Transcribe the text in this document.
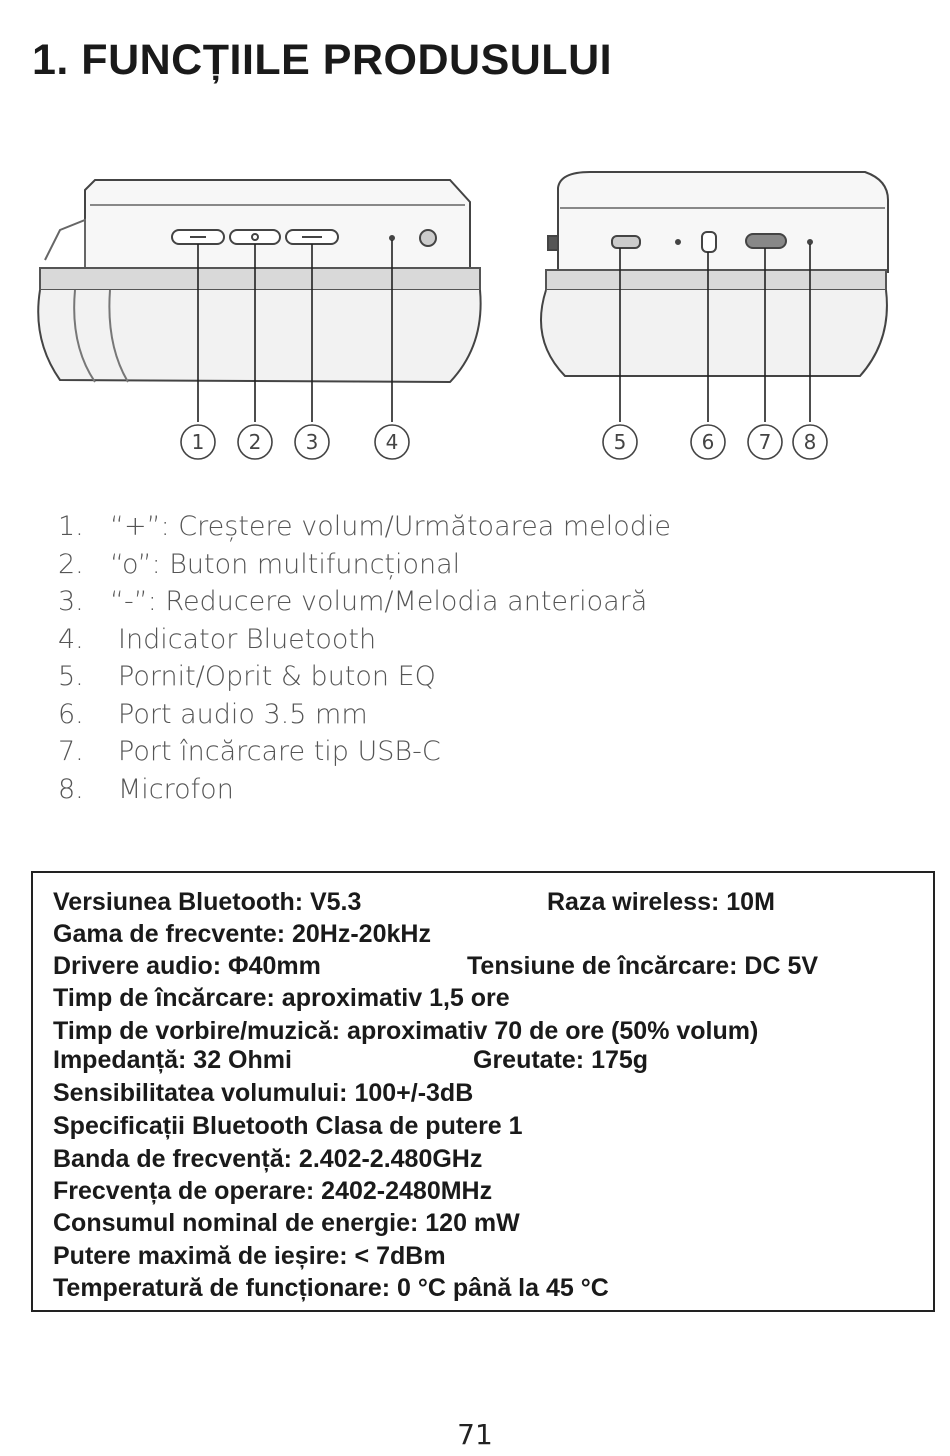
1. FUNCȚIILE PRODUSULUI
1 2 3	4	5	6 7 8
1. “+”: Creștere volum/Următoarea melodie
2. “o”: Buton multifuncțional
3. “-”: Reducere volum/Melodia anterioară
4. Indicator Bluetooth
5. Pornit/Oprit & buton EQ
6. Port audio 3.5 mm
7. Port încărcare tip USB-C
8. Microfon
Versiunea Bluetooth: V5.3	Raza wireless: 10M
Gama de frecvente: 20Hz-20kHz
Drivere audio: Φ40mm	Tensiune de încărcare: DC 5V
Timp de încărcare: aproximativ 1,5 ore
Timp de vorbire/muzică: aproximativ 70 de ore (50% volum)
Impedanță: 32 Ohmi	Greutate: 175g
Sensibilitatea volumului: 100+/-3dB
Specificații Bluetooth Clasa de putere 1
Banda de frecvență: 2.402-2.480GHz
Frecvența de operare: 2402-2480MHz
Consumul nominal de energie: 120 mW
Putere maximă de ieșire: < 7dBm
Temperatură de funcționare: 0 °C până la 45 °C
71
